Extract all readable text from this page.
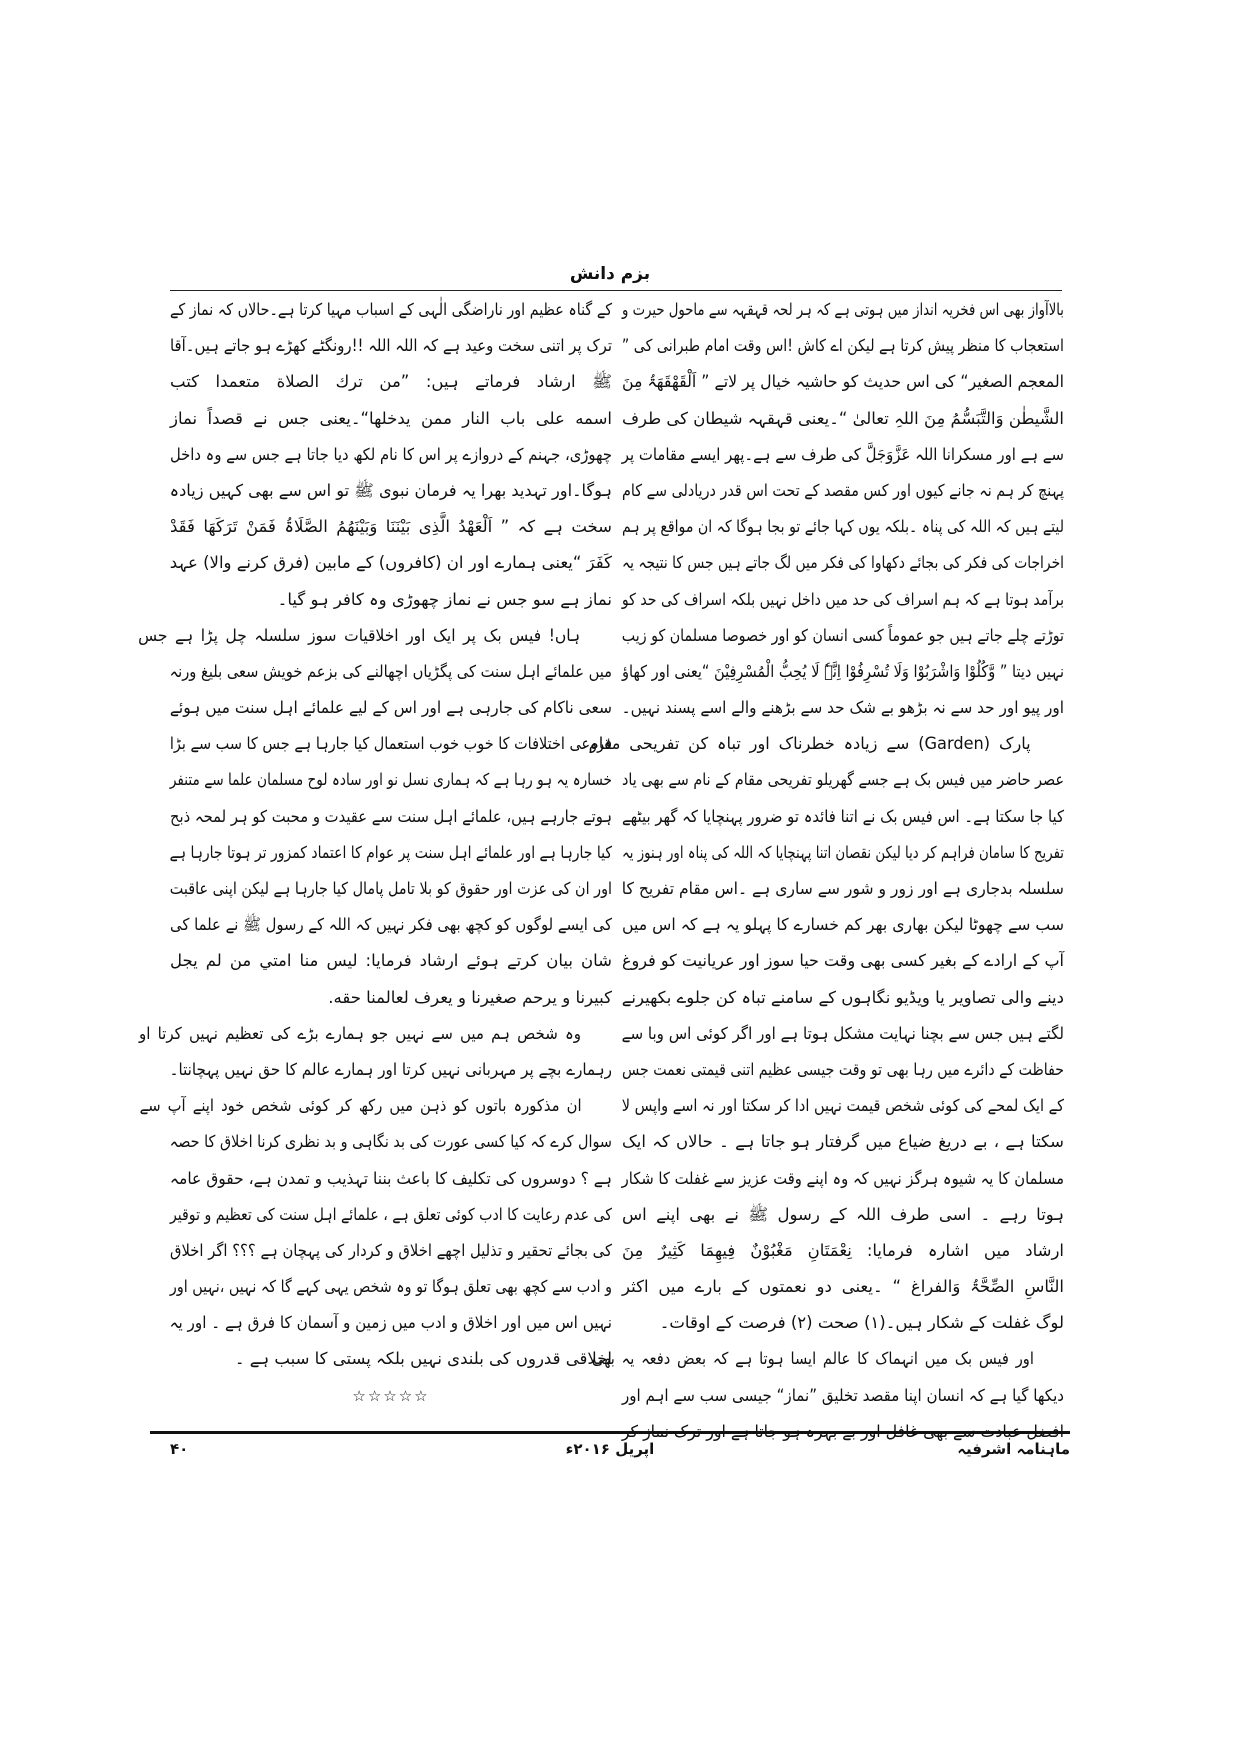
بزم دانش
بالاآواز بھی اس فخریہ انداز میں ہوتی ہے کہ ہر لحہ قہقہہ سے ماحول حیرت و
استعجاب کا منظر پیش کرتا ہے لیکن اے کاش !اس وقت امام طبرانی کی ”
المعجم الصغیر“ کی اس حدیث کو حاشیہ خیال پر لاتے ” اَلْقَھْقَھَۃُ مِنَ
الشَّیطٰن وَالتَّبَسُّمُ مِنَ اللہِ تعالیٰ “۔یعنی قہقہہ شیطان کی طرف
سے ہے اور مسکرانا اللہ عَزَّوَجَلَّ کی طرف سے ہے۔پھر ایسے مقامات پر
پہنچ کر ہم نہ جانے کیوں اور کس مقصد کے تحت اس قدر دریادلی سے کام
لیتے ہیں کہ اللہ کی پناہ ۔بلکہ یوں کہا جائے تو بجا ہوگا کہ ان مواقع پر ہم
اخراجات کی فکر کی بجائے دکھاوا کی فکر میں لگ جاتے ہیں جس کا نتیجہ یہ
برآمد ہوتا ہے کہ ہم اسراف کی حد میں داخل نہیں بلکہ اسراف کی حد کو
توڑتے چلے جاتے ہیں جو عموماً کسی انسان کو اور خصوصا مسلمان کو زیب
نہیں دیتا ” وَّکُلُوْا وَاشْرَبُوْا وَلَا تُسْرِفُوْا اِنَّہٗ لَا یُحِبُّ الْمُسْرِفِیْنَ “یعنی اور کھاؤ
اور پیو اور حد سے نہ بڑھو بے شک حد سے بڑھنے والے اسے پسند نہیں۔
پارک (Garden) سے زیادہ خطرناک اور تباہ کن تفریحی مقام
عصر حاضر میں فیس بک ہے جسے گھریلو تفریحی مقام کے نام سے بھی یاد
کیا جا سکتا ہے۔ اس فیس بک نے اتنا فائدہ تو ضرور پہنچایا کہ گھر بیٹھے
تفریح کا سامان فراہم کر دیا لیکن نقصان اتنا پہنچایا کہ اللہ کی پناہ اور ہنوز یہ
سلسلہ بدجاری ہے اور زور و شور سے ساری ہے ۔اس مقام تفریح کا
سب سے چھوٹا لیکن بھاری بھر کم خسارے کا پہلو یہ ہے کہ اس میں
آپ کے ارادے کے بغیر کسی بھی وقت حیا سوز اور عریانیت کو فروغ
دینے والی تصاویر یا ویڈیو نگاہوں کے سامنے تباہ کن جلوے بکھیرنے
لگتے ہیں جس سے بچنا نہایت مشکل ہوتا ہے اور اگر کوئی اس وبا سے
حفاظت کے دائرے میں رہا بھی تو وقت جیسی عظیم اتنی قیمتی نعمت جس
کے ایک لمحے کی کوئی شخص قیمت نہیں ادا کر سکتا اور نہ اسے واپس لا
سکتا ہے ، بے دریغ ضیاع میں گرفتار ہو جاتا ہے ۔ حالاں کہ ایک
مسلمان کا یہ شیوہ ہرگز نہیں کہ وہ اپنے وقت عزیز سے غفلت کا شکار
ہوتا رہے ۔ اسی طرف اللہ کے رسول ﷺ نے بھی اپنے اس
ارشاد میں اشارہ فرمایا: نِعْمَتَانِ مَغْبُوْنٌ فِیھِمَا کَثِیرٌ مِنَ
النَّاسِ الصِّحَّۃُ وَالفراغ “ ۔یعنی دو نعمتوں کے بارے میں اکثر
لوگ غفلت کے شکار ہیں۔(۱) صحت (۲) فرصت کے اوقات۔
اور فیس بک میں انہماک کا عالم ایسا ہوتا ہے کہ بعض دفعہ یہ بھی
دیکھا گیا ہے کہ انسان اپنا مقصد تخلیق ”نماز“ جیسی سب سے اہم اور
کے گناہ عظیم اور ناراضگی الٰہی کے اسباب مہیا کرتا ہے۔حالاں کہ نماز کے
ترک پر اتنی سخت وعید ہے کہ اللہ اللہ !!رونگٹے کھڑے ہو جاتے ہیں۔آقا
ﷺ ارشاد فرماتے ہیں: ”من ترك الصلاة متعمدا كتب
اسمه على باب النار ممن يدخلها“۔یعنی جس نے قصداً نماز
چھوڑی، جہنم کے دروازے پر اس کا نام لکھ دیا جاتا ہے جس سے وہ داخل
ہوگا۔اور تہدید بھرا یہ فرمان نبوی ﷺ تو اس سے بھی کہیں زیادہ
سخت ہے کہ ” اَلْعَھْدُ الَّذِی بَیْنَنَا وَبَیْنَھُمُ الصَّلَاۃُ فَمَنْ تَرَکَھَا فَقَدْ
کَفَرَ “یعنی ہمارے اور ان (کافروں) کے مابین (فرق کرنے والا) عہد
نماز ہے سو جس نے نماز چھوڑی وہ کافر ہو گیا۔
ہاں! فیس بک پر ایک اور اخلاقیات سوز سلسلہ چل پڑا ہے جس
میں علمائے اہل سنت کی پگڑیاں اچھالنے کی بزعم خویش سعی بلیغ ورنہ
سعی ناکام کی جارہی ہے اور اس کے لیے علمائے اہل سنت میں ہوئے
فروعی اختلافات کا خوب خوب استعمال کیا جارہا ہے جس کا سب سے بڑا
خسارہ یہ ہو رہا ہے کہ ہماری نسل نو اور سادہ لوح مسلمان علما سے متنفر
ہوتے جارہے ہیں، علمائے اہل سنت سے عقیدت و محبت کو ہر لمحہ ذبح
کیا جارہا ہے اور علمائے اہل سنت پر عوام کا اعتماد کمزور تر ہوتا جارہا ہے
اور ان کی عزت اور حقوق کو بلا تامل پامال کیا جارہا ہے لیکن اپنی عاقبت
کی ایسے لوگوں کو کچھ بھی فکر نہیں کہ اللہ کے رسول ﷺ نے علما کی
شان بیان کرتے ہوئے ارشاد فرمایا: ليس منا امتي من لم يجل
كبيرنا و يرحم صغيرنا و يعرف لعالمنا حقه.
وہ شخص ہم میں سے نہیں جو ہمارے بڑے کی تعظیم نہیں کرتا او
رہمارے بچے پر مہربانی نہیں کرتا اور ہمارے عالم کا حق نہیں پہچانتا۔
ان مذکورہ باتوں کو ذہن میں رکھ کر کوئی شخص خود اپنے آپ سے
سوال کرے کہ کیا کسی عورت کی بد نگاہی و بد نظری کرنا اخلاق کا حصہ
ہے ؟ دوسروں کی تکلیف کا باعث بننا تہذیب و تمدن ہے، حقوق عامہ
کی عدم رعایت کا ادب کوئی تعلق ہے ، علمائے اہل سنت کی تعظیم و توقیر
کی بجائے تحقیر و تذلیل اچھے اخلاق و کردار کی پہچان ہے ؟؟؟ اگر اخلاق
و ادب سے کچھ بھی تعلق ہوگا تو وہ شخص یہی کہے گا کہ نہیں ،نہیں اور
نہیں اس میں اور اخلاق و ادب میں زمین و آسمان کا فرق ہے ۔ اور یہ
اخلاقی قدروں کی بلندی نہیں بلکہ پستی کا سبب ہے ۔
☆☆☆☆☆
ماہنامہ اشرفیہ
اپریل ۲۰۱۶ء
۴۰
